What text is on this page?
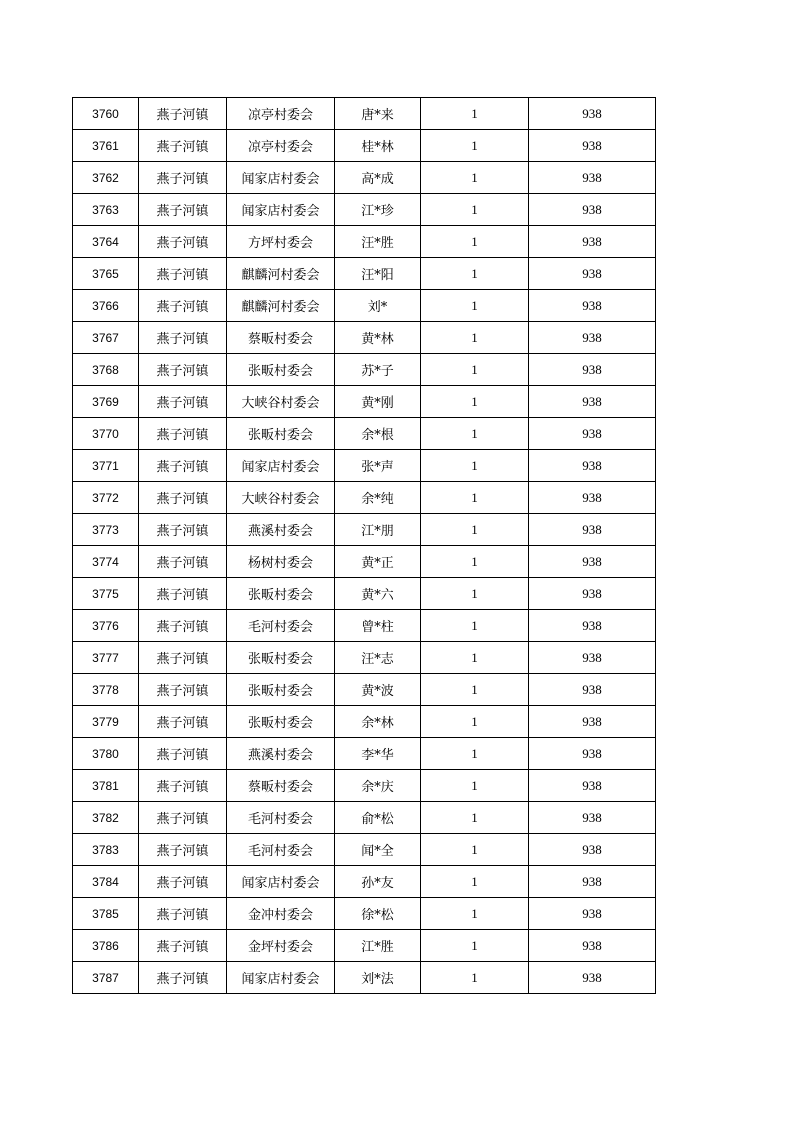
3760	燕子河镇	凉亭村委会	唐*来	1	938
3761	燕子河镇	凉亭村委会	桂*林	1	938
3762	燕子河镇	闻家店村委会	高*成	1	938
3763	燕子河镇	闻家店村委会	江*珍	1	938
3764	燕子河镇	方坪村委会	汪*胜	1	938
3765	燕子河镇	麒麟河村委会	汪*阳	1	938
3766	燕子河镇	麒麟河村委会	刘*	1	938
3767	燕子河镇	蔡畈村委会	黄*林	1	938
3768	燕子河镇	张畈村委会	苏*子	1	938
3769	燕子河镇	大峡谷村委会	黄*刚	1	938
3770	燕子河镇	张畈村委会	余*根	1	938
3771	燕子河镇	闻家店村委会	张*声	1	938
3772	燕子河镇	大峡谷村委会	余*纯	1	938
3773	燕子河镇	燕溪村委会	江*朋	1	938
3774	燕子河镇	杨树村委会	黄*正	1	938
3775	燕子河镇	张畈村委会	黄*六	1	938
3776	燕子河镇	毛河村委会	曾*柱	1	938
3777	燕子河镇	张畈村委会	汪*志	1	938
3778	燕子河镇	张畈村委会	黄*波	1	938
3779	燕子河镇	张畈村委会	余*林	1	938
3780	燕子河镇	燕溪村委会	李*华	1	938
3781	燕子河镇	蔡畈村委会	余*庆	1	938
3782	燕子河镇	毛河村委会	俞*松	1	938
3783	燕子河镇	毛河村委会	闻*全	1	938
3784	燕子河镇	闻家店村委会	孙*友	1	938
3785	燕子河镇	金冲村委会	徐*松	1	938
3786	燕子河镇	金坪村委会	江*胜	1	938
3787	燕子河镇	闻家店村委会	刘*法	1	938
